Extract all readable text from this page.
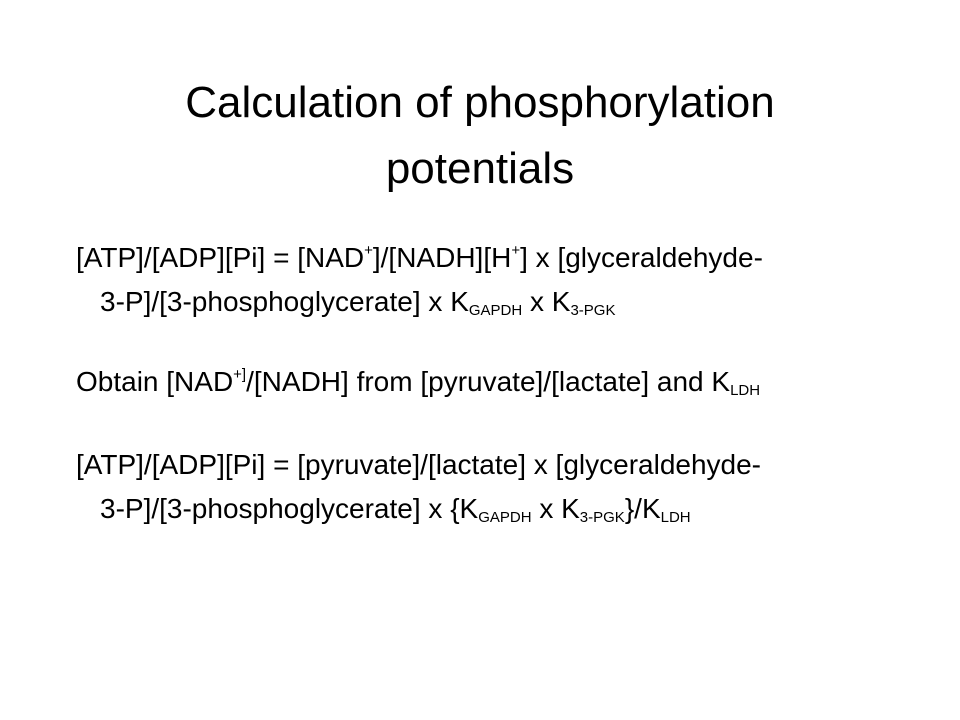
Calculation of phosphorylation
potentials

[ATP]/[ADP][Pi] = [NAD+]/[NADH][H+] x [glyceraldehyde-
3-P]/[3-phosphoglycerate] x $K_{GAPDH}$ x $K_{3-PGK}$

Obtain [NAD+]/[NADH] from [pyruvate]/[lactate] and $K_{LDH}$

[ATP]/[ADP][Pi] = [pyruvate]/[lactate] x [glyceraldehyde-
3-P]/[3-phosphoglycerate] x {$K_{GAPDH}$ x $K_{3-PGK}\}/K_{LDH}$
